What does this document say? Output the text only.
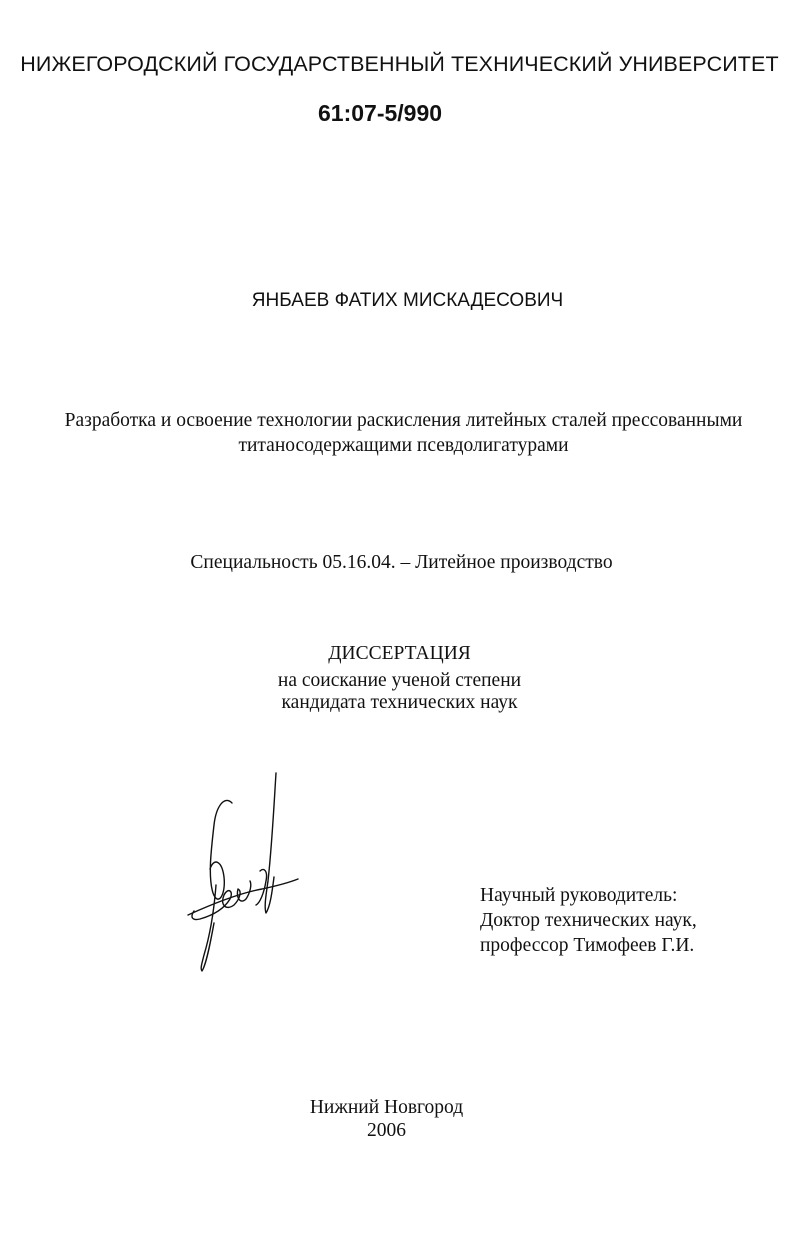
НИЖЕГОРОДСКИЙ ГОСУДАРСТВЕННЫЙ ТЕХНИЧЕСКИЙ УНИВЕРСИТЕТ
61:07-5/990
ЯНБАЕВ ФАТИХ МИСКАДЕСОВИЧ
Разработка и освоение технологии раскисления литейных сталей прессованными
титаносодержащими псевдолигатурами
Специальность 05.16.04. – Литейное производство
ДИССЕРТАЦИЯ
на соискание ученой степени
кандидата технических наук
Научный руководитель:
Доктор технических наук,
профессор Тимофеев Г.И.
Нижний Новгород
2006
